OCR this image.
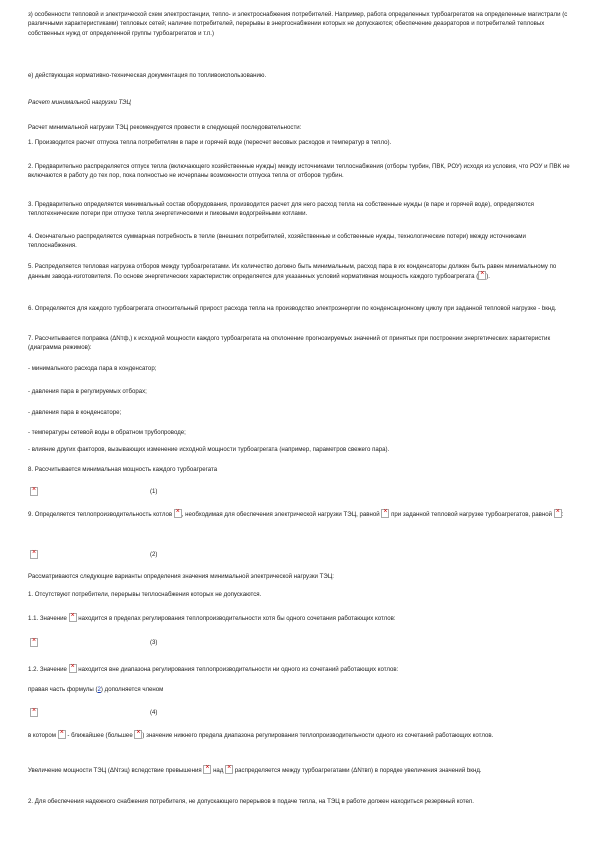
з) особенности тепловой и электрической схем электростанции, тепло- и электроснабжения потребителей. Например, работа определенных турбоагрегатов на определенные магистрали (с различными характеристиками) тепловых сетей; наличие потребителей, перерывы в энергоснабжении которых не допускаются; обеспечение деаэраторов и потребителей тепловых собственных нужд от определенной группы турбоагрегатов и т.п.)
е) действующая нормативно-техническая документация по топливоиспользованию.
Расчет минимальной нагрузки ТЭЦ
Расчет минимальной нагрузки ТЭЦ рекомендуется провести в следующей последовательности:
1. Производится расчет отпуска тепла потребителям в паре и горячей воде (пересчет весовых расходов и температур в тепло).
2. Предварительно распределяется отпуск тепла (включающего хозяйственные нужды) между источниками теплоснабжения (отборы турбин, ПВК, РОУ) исходя из условия, что РОУ и ПВК не включаются в работу до тех пор, пока полностью не исчерпаны возможности отпуска тепла от отборов турбин.
3. Предварительно определяется минимальный состав оборудования, производится расчет для него расход тепла на собственные нужды (в паре и горячей воде), определяются теплотехнические потери при отпуске тепла энергетическими и пиковыми водогрейными котлами.
4. Окончательно распределяется суммарная потребность в тепле (внешних потребителей, хозяйственные и собственные нужды, технологические потери) между источниками теплоснабжения.
5. Распределяется тепловая нагрузка отборов между турбоагрегатами. Их количество должно быть минимальным, расход пара в их конденсаторы должен быть равен минимальному по данным завода-изготовителя. По основе энергетических характеристик определяется для указанных условий нормативная мощность каждого турбоагрегата ( × ).
6. Определяется для каждого турбоагрегата относительный прирост расхода тепла на производство электроэнергии по конденсационному циклу при заданной тепловой нагрузке - bкнд.
7. Рассчитывается поправка (ΔNтф,) к исходной мощности каждого турбоагрегата на отклонение прогнозируемых значений от принятых при построении энергетических характеристик (диаграмма режимов):
- минимального расхода пара в конденсатор;
- давления пара в регулируемых отборах;
- давления пара в конденсаторе;
- температуры сетевой воды в обратном трубопроводе;
- влияние других факторов, вызывающих изменение исходной мощности турбоагрегата (например, параметров свежего пара).
8. Рассчитывается минимальная мощность каждого турбоагрегата
×
(1)
9. Определяется теплопроизводительность котлов × , необходимая для обеспечения электрической нагрузки ТЭЦ, равной × при заданной тепловой нагрузке турбоагрегатов, равной × :
×
(2)
Рассматриваются следующие варианты определения значения минимальной электрической нагрузки ТЭЦ:
1. Отсутствуют потребители, перерывы теплоснабжения которых не допускаются.
1.1. Значение × находится в пределах регулирования теплопроизводительности хотя бы одного сочетания работающих котлов:
×
(3)
1.2. Значение × находится вне диапазона регулирования теплопроизводительности ни одного из сочетаний работающих котлов:
правая часть формулы (2) дополняется членом
×
(4)
в котором × - ближайшее (большее × ) значение нижнего предела диапазона регулирования теплопроизводительности одного из сочетаний работающих котлов.
Увеличение мощности ТЭЦ (ΔNтэц) вследствие превышения × над × распределяется между турбоагрегатами (ΔNтвп) в порядке увеличения значений bкнд.
2. Для обеспечения надежного снабжения потребителя, не допускающего перерывов в подаче тепла, на ТЭЦ в работе должен находиться резервный котел.
